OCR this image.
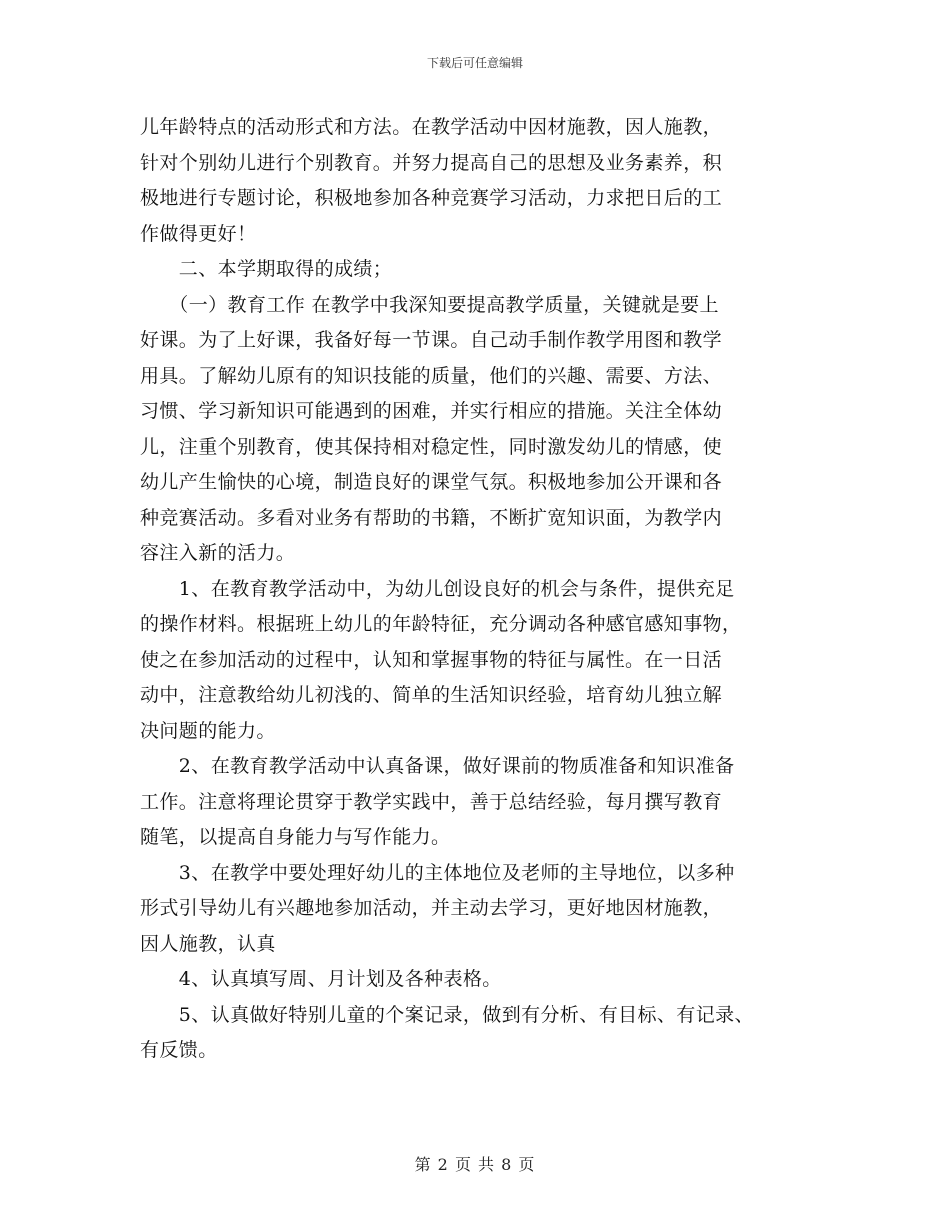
下载后可任意编辑
儿年龄特点的活动形式和方法。在教学活动中因材施教，因人施教，
针对个别幼儿进行个别教育。并努力提高自己的思想及业务素养，积
极地进行专题讨论，积极地参加各种竞赛学习活动，力求把日后的工
作做得更好！
　　二、本学期取得的成绩；
　　（一）教育工作 在教学中我深知要提高教学质量，关键就是要上
好课。为了上好课，我备好每一节课。自己动手制作教学用图和教学
用具。了解幼儿原有的知识技能的质量，他们的兴趣、需要、方法、
习惯、学习新知识可能遇到的困难，并实行相应的措施。关注全体幼
儿，注重个别教育，使其保持相对稳定性，同时激发幼儿的情感，使
幼儿产生愉快的心境，制造良好的课堂气氛。积极地参加公开课和各
种竞赛活动。多看对业务有帮助的书籍，不断扩宽知识面，为教学内
容注入新的活力。
　　1、在教育教学活动中，为幼儿创设良好的机会与条件，提供充足
的操作材料。根据班上幼儿的年龄特征，充分调动各种感官感知事物，
使之在参加活动的过程中，认知和掌握事物的特征与属性。在一日活
动中，注意教给幼儿初浅的、简单的生活知识经验，培育幼儿独立解
决问题的能力。
　　2、在教育教学活动中认真备课，做好课前的物质准备和知识准备
工作。注意将理论贯穿于教学实践中，善于总结经验，每月撰写教育
随笔，以提高自身能力与写作能力。
　　3、在教学中要处理好幼儿的主体地位及老师的主导地位，以多种
形式引导幼儿有兴趣地参加活动，并主动去学习，更好地因材施教，
因人施教，认真
　　4、认真填写周、月计划及各种表格。
　　5、认真做好特别儿童的个案记录，做到有分析、有目标、有记录、
有反馈。
第 2 页 共 8 页
